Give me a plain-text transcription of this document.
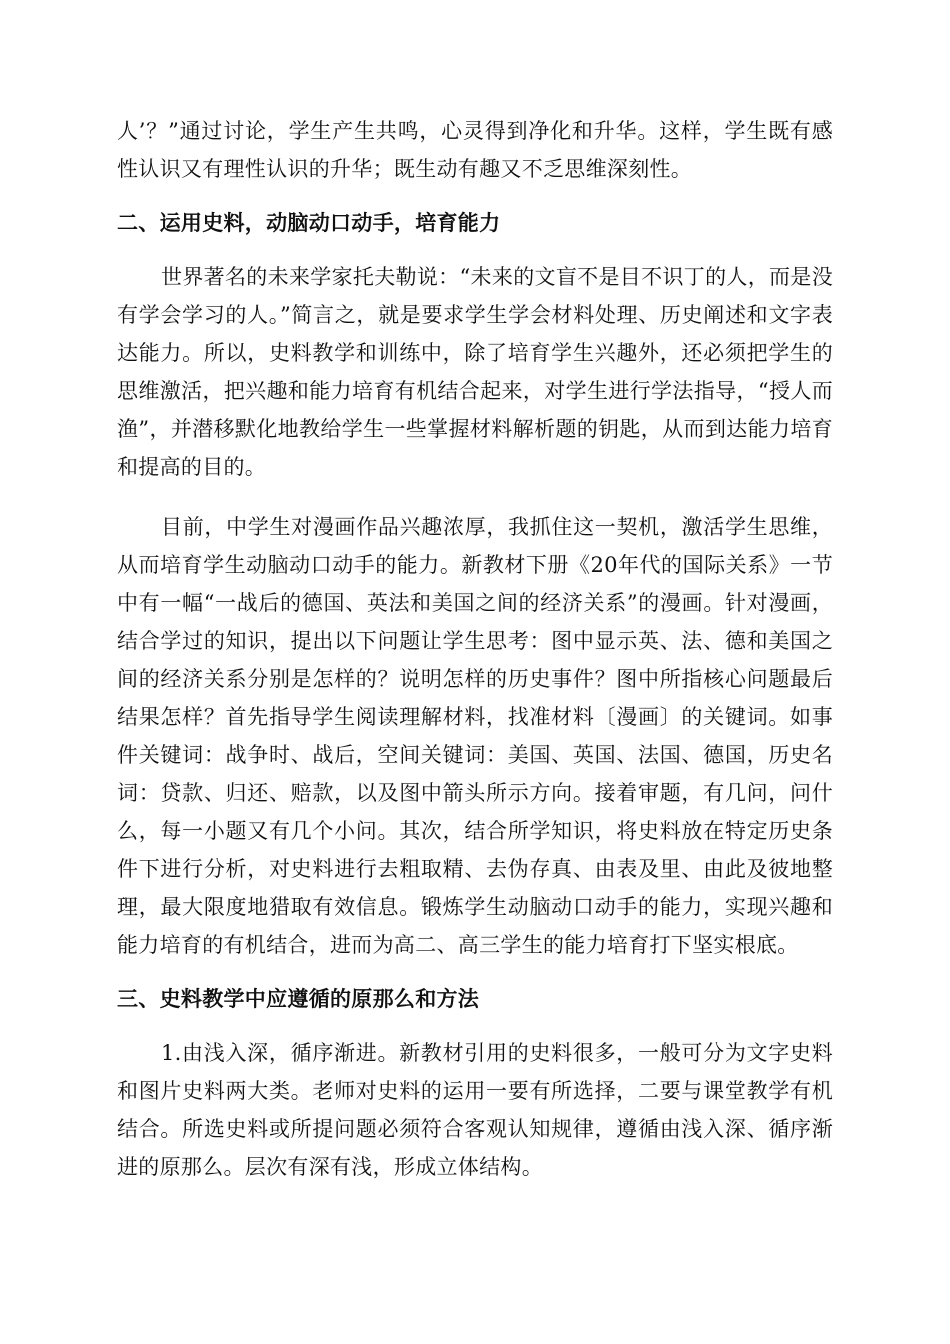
人’？”通过讨论，学生产生共鸣，心灵得到净化和升华。这样，学生既有感性认识又有理性认识的升华；既生动有趣又不乏思维深刻性。

二、运用史料，动脑动口动手，培育能力

世界著名的未来学家托夫勒说：“未来的文盲不是目不识丁的人，而是没有学会学习的人。”简言之，就是要求学生学会材料处理、历史阐述和文字表达能力。所以，史料教学和训练中，除了培育学生兴趣外，还必须把学生的思维激活，把兴趣和能力培育有机结合起来，对学生进行学法指导，“授人而渔”，并潜移默化地教给学生一些掌握材料解析题的钥匙，从而到达能力培育和提高的目的。

目前，中学生对漫画作品兴趣浓厚，我抓住这一契机，激活学生思维，从而培育学生动脑动口动手的能力。新教材下册《20年代的国际关系》一节中有一幅“一战后的德国、英法和美国之间的经济关系”的漫画。针对漫画，结合学过的知识，提出以下问题让学生思考：图中显示英、法、德和美国之间的经济关系分别是怎样的？说明怎样的历史事件？图中所指核心问题最后结果怎样？首先指导学生阅读理解材料，找准材料〔漫画〕的关键词。如事件关键词：战争时、战后，空间关键词：美国、英国、法国、德国，历史名词：贷款、归还、赔款，以及图中箭头所示方向。接着审题，有几问，问什么，每一小题又有几个小问。其次，结合所学知识，将史料放在特定历史条件下进行分析，对史料进行去粗取精、去伪存真、由表及里、由此及彼地整理，最大限度地猎取有效信息。锻炼学生动脑动口动手的能力，实现兴趣和能力培育的有机结合，进而为高二、高三学生的能力培育打下坚实根底。

三、史料教学中应遵循的原那么和方法

1.由浅入深，循序渐进。新教材引用的史料很多，一般可分为文字史料和图片史料两大类。老师对史料的运用一要有所选择，二要与课堂教学有机结合。所选史料或所提问题必须符合客观认知规律，遵循由浅入深、循序渐进的原那么。层次有深有浅，形成立体结构。
